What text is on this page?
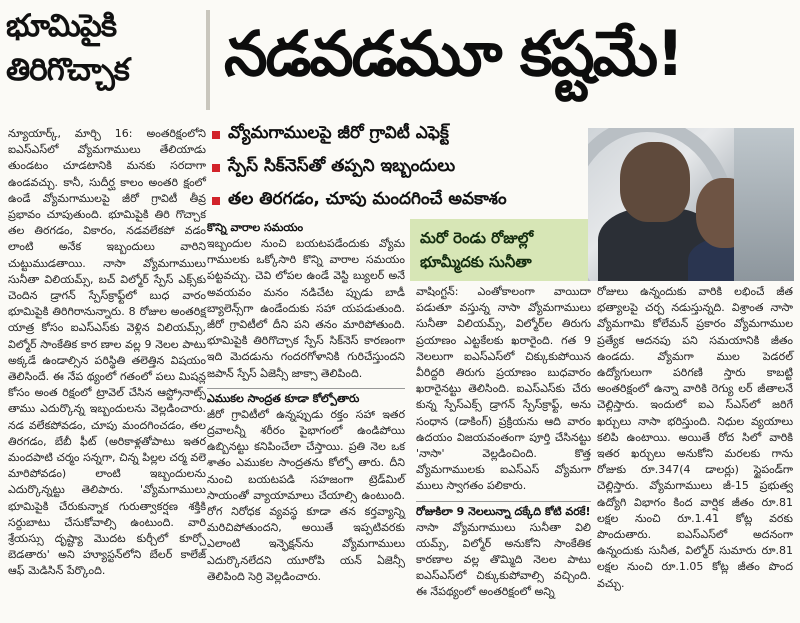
భూమిపైకి
తిరిగొచ్చాక	నడవడమూ కష్టమే!
వ్యోమగాములపై జీరో గ్రావిటీ ఎఫెక్ట్
స్పేస్ సిక్‌నెస్‌తో తప్పని ఇబ్బందులు
తల తిరగడం, చూపు మందగించే అవకాశం
మరో రెండు రోజుల్లో
భూమ్మీదకు సునీతా
న్యూయార్క్, మార్చి 16: అంతరిక్షంలోని ఐఎస్ఎస్‌లో వ్యోమగాములు తేలియాడు తుండటం చూడటానికి మనకు సరదాగా ఉండవచ్చు. కానీ, సుదీర్ఘ కాలం అంతరి క్షంలో ఉండే వ్యోమగాములపై జీరో గ్రావిటీ తీవ్ర ప్రభావం చూపుతుంది. భూమిపైకి తిరి గొచ్చాక తల తిరగడం, వికారం, నడవలేకపో వడం లాంటి అనేక ఇబ్బందులు వారిని చుట్టుముడతాయి. నాసా వ్యోమగాములు సునీతా విలియమ్స్, బచ్ విల్మోర్ స్పేస్ ఎక్స్‌కు చెందిన డ్రాగన్ స్పేస్‌క్రాఫ్ట్‌లో బుధ వారం భూమిపైకి తిరిగిరానున్నారు. 8 రోజుల అంతరిక్ష యాత్ర కోసం ఐఎస్ఎస్‌కు వెళ్లిన విలియమ్స్, విల్మోర్ సాంకేతిక కార ణాల వల్ల 9 నెలల పాటు అక్కడే ఉండాల్సిన పరిస్థితి తలెత్తిన విషయం తెలిసిందే. ఈ నేప థ్యంలో గతంలో పలు మిషన్ల కోసం అంత రిక్షంలో ట్రావెల్ చేసిన ఆస్ట్రోనాట్స్ తాము ఎదుర్కొన్న ఇబ్బందులను వెల్లడించారు. నడ వలేకపోవడం, చూపు మందగించడం, తల తిరగడం, బేబీ ఫీట్ (అరికాళ్లతోపాటు ఇతర మందపాటి చర్మం సన్నగా, చిన్న పిల్లల చర్మ వలె మారిపోవడం) లాంటి ఇబ్బందులను ఎదుర్కొన్నట్టు తెలిపారు. 'వ్యోమగాములు భూమిపైకి చేరుకున్నాక గురుత్వాకర్షణ శక్తికి సర్దుబాటు చేసుకోవాల్సి ఉంటుంది. వారి శ్రేయస్సు దృష్ట్యా మొదట కుర్చీలో కూర్చో బెడతారు' అని హ్యూస్టన్‌లోని బేలర్ కాలేజ్ ఆఫ్ మెడిసిన్ పేర్కొంది.
కొన్ని వారాల సమయం
ఇబ్బందుల నుంచి బయటపడేందుకు వ్యోమ గాములకు ఒక్కోసారి కొన్ని వారాల సమయం పట్టవచ్చు. చెవి లోపల ఉండే వెస్టి బ్యులర్ అనే అవయవం మనం నడిచేట ప్పుడు బాడీ బ్యాలెన్స్‌గా ఉండేందుకు సహా యపడుతుంది. జీరో గ్రావిటీలో దీని పని తనం మారిపోతుంది. భూమిపైకి తిరిగొచ్చాక స్పేస్ సిక్‌నెస్ కారణంగా ఇది మెదడును గందరగోళానికి గురిచేస్తుందని జపాన్ స్పేస్ ఏజెన్సీ జాక్సా తెలిపింది.
ఎముకల సాంద్రత కూడా కోల్పోతారు
జీరో గ్రావిటీలో ఉన్నప్పుడు రక్తం సహా ఇతర ద్రవాలన్నీ శరీరం పైభాగంలో ఉండిపోయి ఉబ్బినట్టు కనిపించేలా చేస్తాయి. ప్రతి నెల ఒక శాతం ఎముకల సాంద్రతను కోల్పో తారు. దీని నుంచి బయటపడి సహజంగా ట్రెడ్‌మిల్ సాయంతో వ్యాయామాలు చేయాల్సి ఉంటుంది. రోగ నిరోధక వ్యవస్థ కూడా తన కర్తవ్యాన్ని మరిచిపోతుందని, అయితే ఇప్పటివరకు ఎలాంటి ఇన్ఫెక్షన్‌ను వ్యోమగాములు ఎదుర్కొనలేదని యూరోపి యన్ ఏజెన్సీ తెలిపింది సెర్రి వెల్లడించారు.
వాషింగ్టన్: ఎంతోకాలంగా వాయిదా పడుతూ వస్తున్న నాసా వ్యోమగాములు సునీతా విలియమ్స్, విల్మోర్‌ల తిరుగు ప్రయాణం ఎట్టకేలకు ఖరారైంది. గత 9 నెలలుగా ఐఎస్ఎస్‌లో చిక్కుకుపోయిన వీరిద్దరి తిరుగు ప్రయాణం బుధవారం ఖరారైనట్టు తెలిసింది. ఐఎస్ఎస్‌కు చేరు కున్న స్పేస్‌ఎక్స్ డ్రాగన్ స్పేస్‌క్రాఫ్ట్, అను సంధాన (డాకింగ్) ప్రక్రియను ఆది వారం ఉదయం విజయవంతంగా పూర్తి చేసినట్టు 'నాసా' వెల్లడించింది. కొత్త వ్యోమగాములకు ఐఎస్ఎస్ వ్యోమగా ములు స్వాగతం పలికారు.
రోజుకిలా 9 నెలలున్నా దక్కేది కోటి వరకే!
నాసా వ్యోమగాములు సునీతా విలి యమ్స్, విల్మోర్ అనుకోని సాంకేతిక కారణాల వల్ల తొమ్మిది నెలల పాటు ఐఎస్ఎస్‌లో చిక్కుకుపోవాల్సి వచ్చింది. ఈ నేపథ్యంలో అంతరిక్షంలో అన్ని
రోజులు ఉన్నందుకు వారికి లభించే జీత భత్యాలపై చర్చ నడుస్తున్నది. విశ్రాంత నాసా వ్యోమగామి కోలేమన్ ప్రకారం వ్యోమగాముల ప్రత్యేక ఆదనపు పని సమయానికి జీతం ఉండదు. వ్యోమగా ముల పెడరల్ ఉద్యోగులుగా పరిగణి స్తారు కాబట్టి అంతరిక్షంలో ఉన్నా వారికి రెగ్యు లర్ జీతాలనే చెల్లిస్తారు. ఇందులో ఐఎ స్ఎస్‌లో జరిగే ఖర్చులు నాసా భరిస్తుంది. నిధుల వ్యయాలు కలిపి ఉంటాయి. అయితే రోద సిలో వారికి ఇతర ఖర్చులు అనుకోని మరలకు గాను రోజుకు రూ.347(4 డాలర్లు) స్టైపండ్‌గా చెల్లిస్తారు. వ్యోమగాములు జీ-15 ప్రభుత్వ ఉద్యోగి విభాగం కింద వార్షిక జీతం రూ.81 లక్షల నుంచి రూ.1.41 కోట్ల వరకు పొందుతారు. ఐఎస్ఎస్‌లో అదనంగా ఉన్నందుకు సునీత, విల్మోర్ సుమారు రూ.81 లక్షల నుంచి రూ.1.05 కోట్ల జీతం పొంద వచ్చు.
